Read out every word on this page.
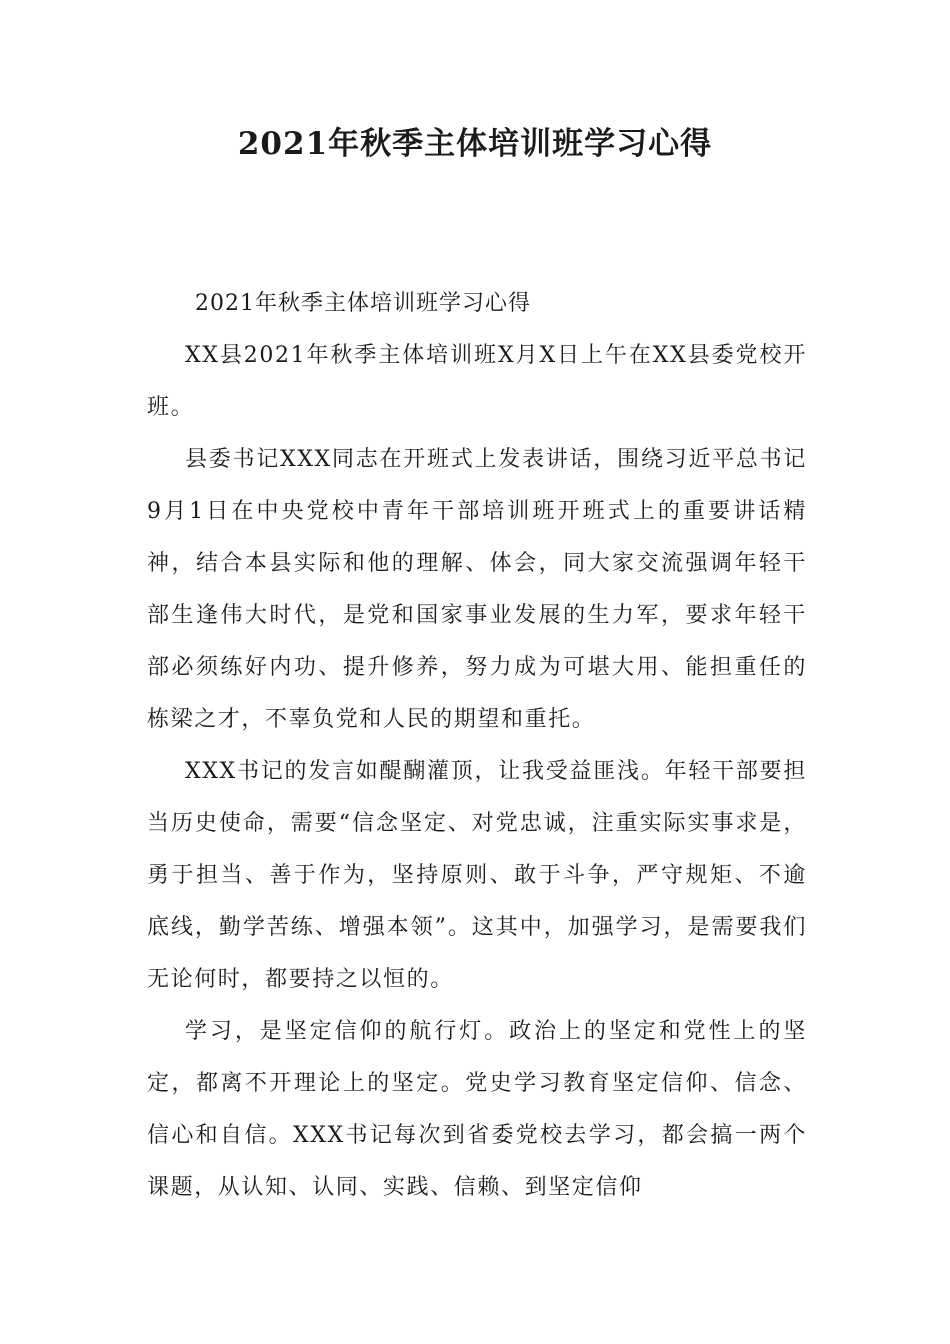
2021年秋季主体培训班学习心得

2021年秋季主体培训班学习心得

XX县2021年秋季主体培训班X月X日上午在XX县委党校开班。

县委书记XXX同志在开班式上发表讲话，围绕习近平总书记9月1日在中央党校中青年干部培训班开班式上的重要讲话精神，结合本县实际和他的理解、体会，同大家交流强调年轻干部生逢伟大时代，是党和国家事业发展的生力军，要求年轻干部必须练好内功、提升修养，努力成为可堪大用、能担重任的栋梁之才，不辜负党和人民的期望和重托。

XXX书记的发言如醍醐灌顶，让我受益匪浅。年轻干部要担当历史使命，需要“信念坚定、对党忠诚，注重实际实事求是，勇于担当、善于作为，坚持原则、敢于斗争，严守规矩、不逾底线，勤学苦练、增强本领”。这其中，加强学习，是需要我们无论何时，都要持之以恒的。

学习，是坚定信仰的航行灯。政治上的坚定和党性上的坚定，都离不开理论上的坚定。党史学习教育坚定信仰、信念、信心和自信。XXX书记每次到省委党校去学习，都会搞一两个课题，从认知、认同、实践、信赖、到坚定信仰
